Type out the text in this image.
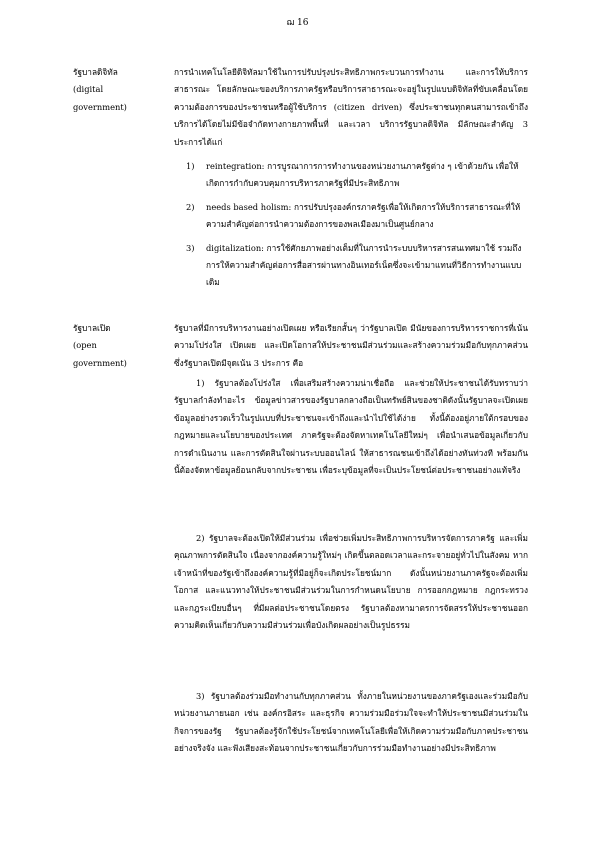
ฌ 16
รัฐบาลดิจิทัล
(digital
government)
การนำเทคโนโลยีดิจิทัลมาใช้ในการปรับปรุงประสิทธิภาพกระบวนการทำงาน และการให้บริการสาธารณะ โดยลักษณะของบริการภาครัฐหรือบริการสาธารณะจะอยู่ในรูปแบบดิจิทัลที่ขับเคลื่อนโดยความต้องการของประชาชนหรือผู้ใช้บริการ (citizen driven) ซึ่งประชาชนทุกคนสามารถเข้าถึงบริการได้โดยไม่มีข้อจำกัดทางกายภาพพื้นที่ และเวลา บริการรัฐบาลดิจิทัล มีลักษณะสำคัญ 3 ประการได้แก่
1) reintegration: การบูรณาการการทำงานของหน่วยงานภาครัฐต่าง ๆ เข้าด้วยกัน เพื่อให้เกิดการกำกับควบคุมการบริหารภาครัฐที่มีประสิทธิภาพ
2) needs based holism: การปรับปรุงองค์กรภาครัฐเพื่อให้เกิดการให้บริการสาธารณะที่ให้ความสำคัญต่อการนำความต้องการของพลเมืองมาเป็นศูนย์กลาง
3) digitalization: การใช้ศักยภาพอย่างเต็มที่ในการนำระบบบริหารสารสนเทศมาใช้ รวมถึงการให้ความสำคัญต่อการสื่อสารผ่านทางอินเทอร์เน็ตซึ่งจะเข้ามาแทนที่วิธีการทำงานแบบเดิม
รัฐบาลเปิด
(open
government)
รัฐบาลที่มีการบริหารงานอย่างเปิดเผย หรือเรียกสั้นๆ ว่ารัฐบาลเปิด มีนัยของการบริหารราชการที่เน้นความโปร่งใส เปิดเผย และเปิดโอกาสให้ประชาชนมีส่วนร่วมและสร้างความร่วมมือกับทุกภาคส่วน ซึ่งรัฐบาลเปิดมีจุดเน้น 3 ประการ คือ

1) รัฐบาลต้องโปร่งใส เพื่อเสริมสร้างความน่าเชื่อถือ และช่วยให้ประชาชนได้รับทราบว่ารัฐบาลกำลังทำอะไร ข้อมูลข่าวสารของรัฐบาลกลางถือเป็นทรัพย์สินของชาติดังนั้นรัฐบาลจะเปิดเผยข้อมูลอย่างรวดเร็วในรูปแบบที่ประชาชนจะเข้าถึงและนำไปใช้ได้ง่าย ทั้งนี้ต้องอยู่ภายใต้กรอบของกฎหมายและนโยบายของประเทศ ภาครัฐจะต้องจัดหาเทคโนโลยีใหม่ๆ เพื่อนำเสนอข้อมูลเกี่ยวกับการดำเนินงาน และการตัดสินใจผ่านระบบออนไลน์ ให้สาธารณชนเข้าถึงได้อย่างทันท่วงที พร้อมกันนี้ต้องจัดหาข้อมูลย้อนกลับจากประชาชน เพื่อระบุข้อมูลที่จะเป็นประโยชน์ต่อประชาชนอย่างแท้จริง

2) รัฐบาลจะต้องเปิดให้มีส่วนร่วม เพื่อช่วยเพิ่มประสิทธิภาพการบริหารจัดการภาครัฐ และเพิ่มคุณภาพการตัดสินใจ เนื่องจากองค์ความรู้ใหม่ๆ เกิดขึ้นตลอดเวลาและกระจายอยู่ทั่วไปในสังคม หากเจ้าหน้าที่ของรัฐเข้าถึงองค์ความรู้ที่มีอยู่ก็จะเกิดประโยชน์มาก ดังนั้นหน่วยงานภาครัฐจะต้องเพิ่มโอกาส และแนวทางให้ประชาชนมีส่วนร่วมในการกำหนดนโยบาย การออกกฎหมาย กฎกระทรวง และกฎระเบียบอื่นๆ ที่มีผลต่อประชาชนโดยตรง รัฐบาลต้องหามาตรการจัดสรรให้ประชาชนออกความคิดเห็นเกี่ยวกับความมีส่วนร่วมเพื่อบังเกิดผลอย่างเป็นรูปธรรม

3) รัฐบาลต้องร่วมมือทำงานกับทุกภาคส่วน ทั้งภายในหน่วยงานของภาครัฐเองและร่วมมือกับหน่วยงานภายนอก เช่น องค์กรอิสระ และธุรกิจ ความร่วมมือร่วมใจจะทำให้ประชาชนมีส่วนร่วมในกิจการของรัฐ รัฐบาลต้องรู้จักใช้ประโยชน์จากเทคโนโลยีเพื่อให้เกิดความร่วมมือกับภาคประชาชนอย่างจริงจัง และฟังเสียงสะท้อนจากประชาชนเกี่ยวกับการร่วมมือทำงานอย่างมีประสิทธิภาพ
